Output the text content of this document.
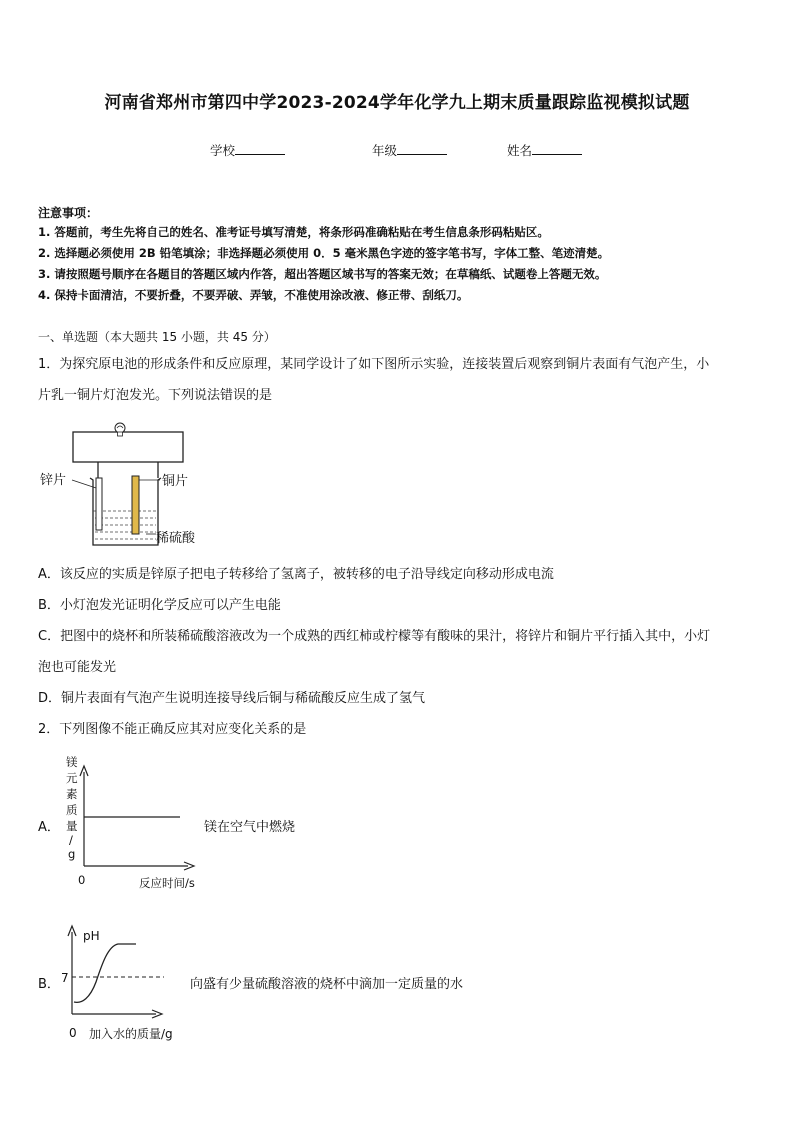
河南省郑州市第四中学2023-2024学年化学九上期末质量跟踪监视模拟试题
学校	年级	姓名
注意事项：
1. 答题前，考生先将自己的姓名、准考证号填写清楚，将条形码准确粘贴在考生信息条形码粘贴区。
2. 选择题必须使用 2B 铅笔填涂；非选择题必须使用 0．5 毫米黑色字迹的签字笔书写，字体工整、笔迹清楚。
3. 请按照题号顺序在各题目的答题区域内作答，超出答题区域书写的答案无效；在草稿纸、试题卷上答题无效。
4. 保持卡面清洁，不要折叠，不要弄破、弄皱，不准使用涂改液、修正带、刮纸刀。
一、单选题（本大题共 15 小题，共 45 分）
1．为探究原电池的形成条件和反应原理，某同学设计了如下图所示实验，连接装置后观察到铜片表面有气泡产生，小
片乳一铜片灯泡发光。下列说法错误的是
锌片	铜片
稀硫酸
A．该反应的实质是锌原子把电子转移给了氢离子，被转移的电子沿导线定向移动形成电流
B．小灯泡发光证明化学反应可以产生电能
C．把图中的烧杯和所装稀硫酸溶液改为一个成熟的西红柿或柠檬等有酸味的果汁，将锌片和铜片平行插入其中，小灯
泡也可能发光
D．铜片表面有气泡产生说明连接导线后铜与稀硫酸反应生成了氢气
2．下列图像不能正确反应其对应变化关系的是
A．
镁
元
素
质
量
/
g
0	反应时间/s
镁在空气中燃烧
B．
pH
7
0 加入水的质量/g
向盛有少量硫酸溶液的烧杯中滴加一定质量的水
